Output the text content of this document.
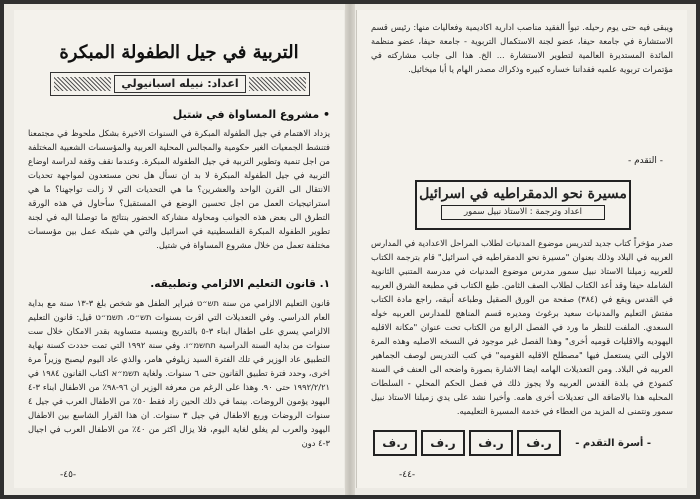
التربية في جيل الطفولة المبكرة
اعداد: نبيله اسبانيولي
• مشروع المساواة في شتيل
يزداد الاهتمام في جيل الطفولة المبكرة في السنوات الاخيرة بشكل ملحوظ في مجتمعنا فتنشط الجمعيات الغير حكومية والمجالس المحلية العربية والمؤسسات الشعبية المختلفة من اجل تنمية وتطوير التربية في جيل الطفولة المبكرة. وعندما نقف وقفة لدراسة اوضاع التربية في جيل الطفولة المبكرة لا بد ان نسأل هل نحن مستعدون لمواجهة تحديات الانتقال الى القرن الواحد والعشرين؟ ما هي التحديات التي لا زالت تواجهنا؟ ما هي استراتيجيات العمل من اجل تحسين الوضع في المستقبل؟ سأحاول في هذه الورقة التطرق الى بعض هذه الجوانب ومحاولة مشاركة الحضور بنتائج ما توصلنا اليه في لجنة تطوير الطفولة المبكرة الفلسطينية في اسرائيل والتي هي شبكة عمل بين مؤسسات مختلفة تعمل من خلال مشروع المساواة في شتيل.
١. قانون التعليم الالزامي وتطبيقه.
قانون التعليم الالزامي من سنة תש״ט فبراير الطفل هو شخص بلغ ٣-١٣ سنة مع بداية العام الدراسي. وفي التعديلات التي اقرت بسنوات תש״ס، תשמ״ט قيل: قانون التعليم الالزامي يسري على اطفال ابناء ٣-٥ بالتدريج وبنسبة متساوية بقدر الامكان خلال ست سنوات من بداية السنة الدراسية תחשמ״ו. وفي سنة ١٩٩٢ التي تمت حددت كسنة نهاية التطبيق عاد الوزير في تلك الفترة السيد زيلوفي هامر، والذي عاد اليوم ليصبح وزيراً مرة اخرى، وحدد فترة تطبيق القانون حتى ٦ سنوات. ولغاية תשמ״א اكتاب القانون ١٩٨٤ في ١٩٩٢/٢/٢١ حتى ٩٠. وهذا على الرغم من معرفة الوزير ان ٩٦-٩٨٪ من الاطفال ابناء ٣-٤ اليهود يؤمون الروضات. بينما في ذلك الحين زاد فقط ٥٠٪ من الاطفال العرب في جيل ٤ سنوات الروضات وربع الاطفال في جيل ٣ سنوات. ان هذا القرار الشاسع بين الاطفال اليهود والعرب لم يغلق لغاية اليوم، فلا يزال اكثر من ٤٠٪ من الاطفال العرب في اجيال ٣-٤ دون
-٤٥-
ويبقى فيه حتى يوم رحيله. تبوأ الفقيد مناصب ادارية اكاديمية وفعاليات منها: رئيس قسم الاستشارة في جامعة حيفا، عضو لجنة الاستكمال التربوية - جامعة حيفا، عضو منظمة المائدة المستديرة العالمية لتطوير الاستشارة ... الخ. هذا الى جانب مشاركته في مؤتمرات تربوية علميه فقداننا خساره كبيره وذكراك مصدر الهام يا أبا ميخائيل.
- التقدم -
مسيرة نحو الدمقراطيه في اسرائيل
اعداد وترجمة : الاستاذ نبيل سمور
صدر مؤخراً كتاب جديد لتدريس موضوع المدنيات لطلاب المراحل الاعدادية في المدارس العربيه في البلاد وذلك بعنوان "مسيرة نحو الدمقراطيه في اسرائيل" قام بترجمة الكتاب للعربيه زميلنا الاستاذ نبيل سمور مدرس موضوع المدنيات في مدرسة المتنبي الثانوية الشاملة حيفا وقد أعد الكتاب لطلاب الصف الثامن. طبع الكتاب في مطبعة الشرق العربيه في القدس ويقع في (٣٨٤) صفحة من الورق الصقيل وطباعة أنيقه، راجع مادة الكتاب مفتش التعليم والمدنيات سعيد برغوث ومديره قسم المناهج للمدارس العربيه خوله السعدي. الملفت للنظر ما ورد في الفصل الرابع من الكتاب تحت عنوان "مكانة الاقليه اليهوديه والاقليات قوميه أخرى" وهذا الفصل غير موجود في النسخه الاصليه وهذه المرة الاولى التي يستعمل فيها "مصطلح الاقليه القوميه" في كتب التدريس لوصف الجماهير العربيه في البلاد. ومن التعديلات الهامه ايضا الاشارة بصورة واضحه الى العنف في السنة كنموذج في بلدة القدس العربيه ولا يجوز ذلك في فصل الحكم المحلي - السلطات المحليه هذا بالاضافة الى تعديلات أخرى هامه. وأخيرا نشد على يدي زميلنا الاستاذ نبيل سمور ونتمنى له المزيد من العطاء في خدمة المسيرة التعليميه.
ر.ف
ر.ف
ر.ف
ر.ف	- أسرة التقدم -
-٤٤-
